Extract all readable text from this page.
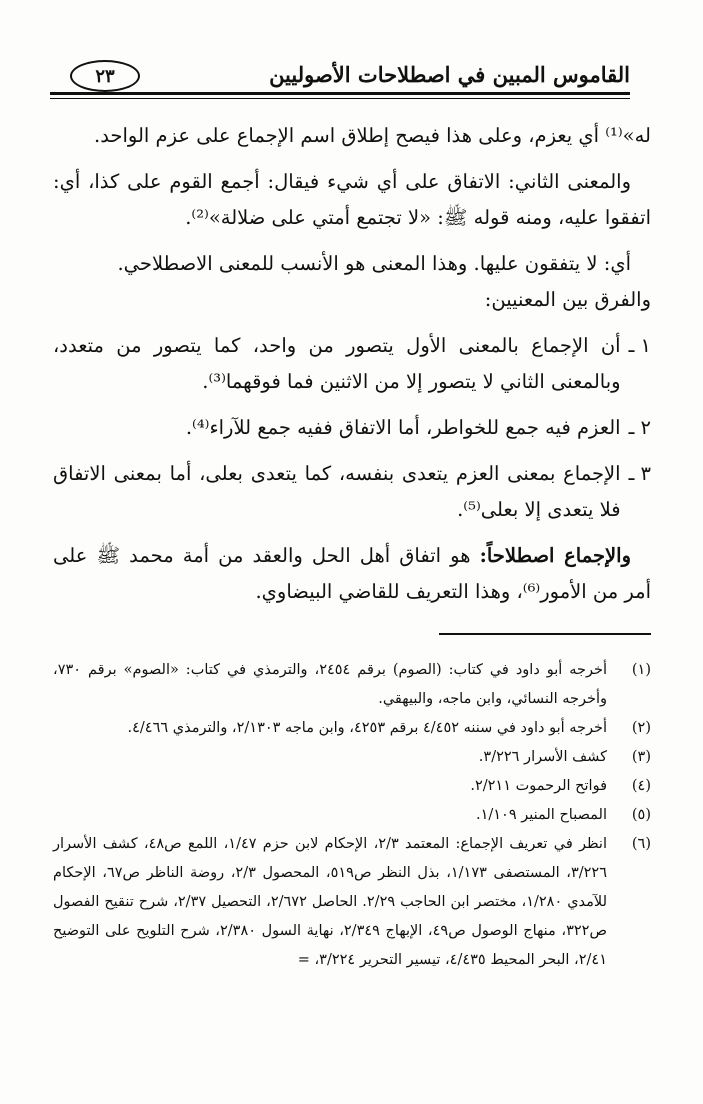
٢٣	القاموس المبين في اصطلاحات الأصوليين

له»⁽¹⁾ أي يعزم، وعلى هذا فيصح إطلاق اسم الإجماع على عزم الواحد.

والمعنى الثاني: الاتفاق على أي شيء فيقال: أجمع القوم على كذا، أي: اتفقوا عليه، ومنه قوله ﷺ: «لا تجتمع أمتي على ضلالة»⁽²⁾.

أي: لا يتفقون عليها. وهذا المعنى هو الأنسب للمعنى الاصطلاحي.

والفرق بين المعنيين:

١ ـ
أن الإجماع بالمعنى الأول يتصور من واحد، كما يتصور من متعدد، وبالمعنى الثاني لا يتصور إلا من الاثنين فما فوقهما⁽³⁾.

٢ ـ
العزم فيه جمع للخواطر، أما الاتفاق ففيه جمع للآراء⁽⁴⁾.

٣ ـ
الإجماع بمعنى العزم يتعدى بنفسه، كما يتعدى بعلى، أما بمعنى الاتفاق فلا يتعدى إلا بعلى⁽⁵⁾.

والإجماع اصطلاحاً: هو اتفاق أهل الحل والعقد من أمة محمد ﷺ على أمر من الأمور⁽⁶⁾، وهذا التعريف للقاضي البيضاوي.

(١)
أخرجه أبو داود في كتاب: (الصوم) برقم ٢٤٥٤، والترمذي في كتاب: «الصوم» برقم ٧٣٠، وأخرجه النسائي، وابن ماجه، والبيهقي.
(٢)
أخرجه أبو داود في سننه ٤/٤٥٢ برقم ٤٢٥٣، وابن ماجه ٢/١٣٠٣، والترمذي ٤/٤٦٦.
(٣)
كشف الأسرار ٣/٢٢٦.
(٤)
فواتح الرحموت ٢/٢١١.
(٥)
المصباح المنير ١/١٠٩.
(٦)
انظر في تعريف الإجماع: المعتمد ٢/٣، الإحكام لابن حزم ١/٤٧، اللمع ص٤٨، كشف الأسرار ٣/٢٢٦، المستصفى ١/١٧٣، بذل النظر ص٥١٩، المحصول ٢/٣، روضة الناظر ص٦٧، الإحكام للآمدي ١/٢٨٠، مختصر ابن الحاجب ٢/٢٩. الحاصل ٢/٦٧٢، التحصيل ٢/٣٧، شرح تنقيح الفصول ص٣٢٢، منهاج الوصول ص٤٩، الإبهاج ٢/٣٤٩، نهاية السول ٢/٣٨٠، شرح التلويح على التوضيح ٢/٤١، البحر المحيط ٤/٤٣٥، تيسير التحرير ٣/٢٢٤، =
